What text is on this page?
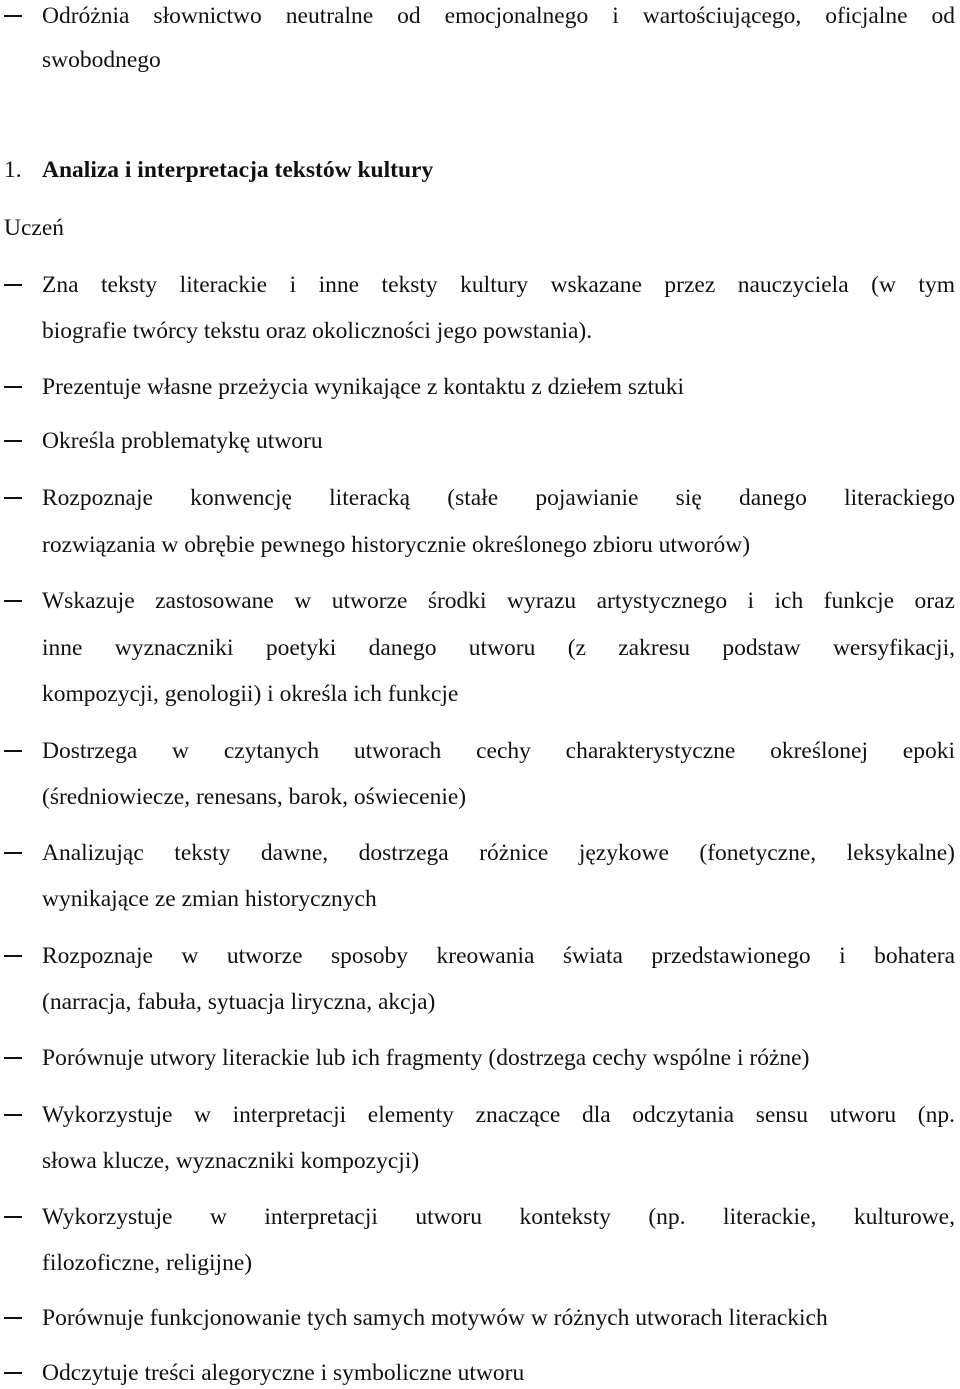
Odróżnia słownictwo neutralne od emocjonalnego i wartościującego, oficjalne od
swobodnego
1. Analiza i interpretacja tekstów kultury
Uczeń
Zna teksty literackie i inne teksty kultury wskazane przez nauczyciela (w tym
biografie twórcy tekstu oraz okoliczności jego powstania).
Prezentuje własne przeżycia wynikające z kontaktu z dziełem sztuki
Określa problematykę utworu
Rozpoznaje konwencję literacką (stałe pojawianie się danego literackiego
rozwiązania w obrębie pewnego historycznie określonego zbioru utworów)
Wskazuje zastosowane w utworze środki wyrazu artystycznego i ich funkcje oraz
inne wyznaczniki poetyki danego utworu (z zakresu podstaw wersyfikacji,
kompozycji, genologii) i określa ich funkcje
Dostrzega w czytanych utworach cechy charakterystyczne określonej epoki
(średniowiecze, renesans, barok, oświecenie)
Analizując teksty dawne, dostrzega różnice językowe (fonetyczne, leksykalne)
wynikające ze zmian historycznych
Rozpoznaje w utworze sposoby kreowania świata przedstawionego i bohatera
(narracja, fabuła, sytuacja liryczna, akcja)
Porównuje utwory literackie lub ich fragmenty (dostrzega cechy wspólne i różne)
Wykorzystuje w interpretacji elementy znaczące dla odczytania sensu utworu (np.
słowa klucze, wyznaczniki kompozycji)
Wykorzystuje w interpretacji utworu konteksty (np. literackie, kulturowe,
filozoficzne, religijne)
Porównuje funkcjonowanie tych samych motywów w różnych utworach literackich
Odczytuje treści alegoryczne i symboliczne utworu
